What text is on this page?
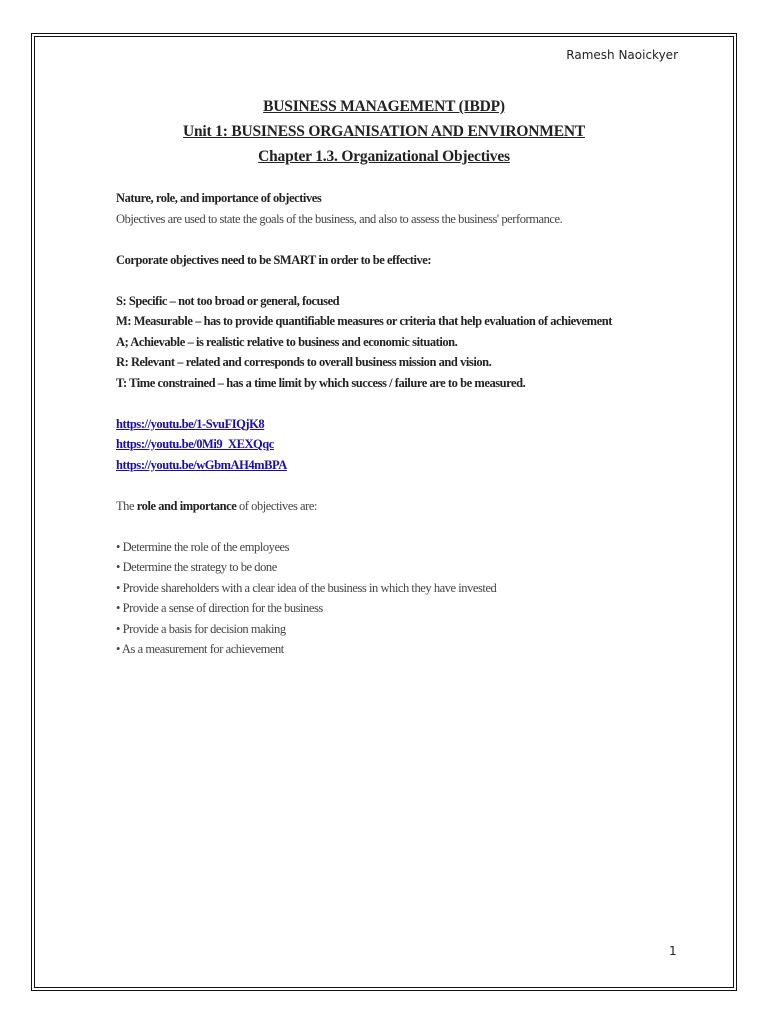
Ramesh Naoickyer
BUSINESS MANAGEMENT (IBDP)
Unit 1: BUSINESS ORGANISATION AND ENVIRONMENT
Chapter 1.3. Organizational Objectives
Nature, role, and importance of objectives
Objectives are used to state the goals of the business, and also to assess the business' performance.
Corporate objectives need to be SMART in order to be effective:
S: Specific – not too broad or general, focused
M: Measurable – has to provide quantifiable measures or criteria that help evaluation of achievement
A; Achievable – is realistic relative to business and economic situation.
R: Relevant – related and corresponds to overall business mission and vision.
T: Time constrained – has a time limit by which success / failure are to be measured.
https://youtu.be/1-SvuFIQjK8
https://youtu.be/0Mi9_XEXQqc
https://youtu.be/wGbmAH4mBPA
The role and importance of objectives are:
• Determine the role of the employees
• Determine the strategy to be done
• Provide shareholders with a clear idea of the business in which they have invested
• Provide a sense of direction for the business
• Provide a basis for decision making
• As a measurement for achievement
1
